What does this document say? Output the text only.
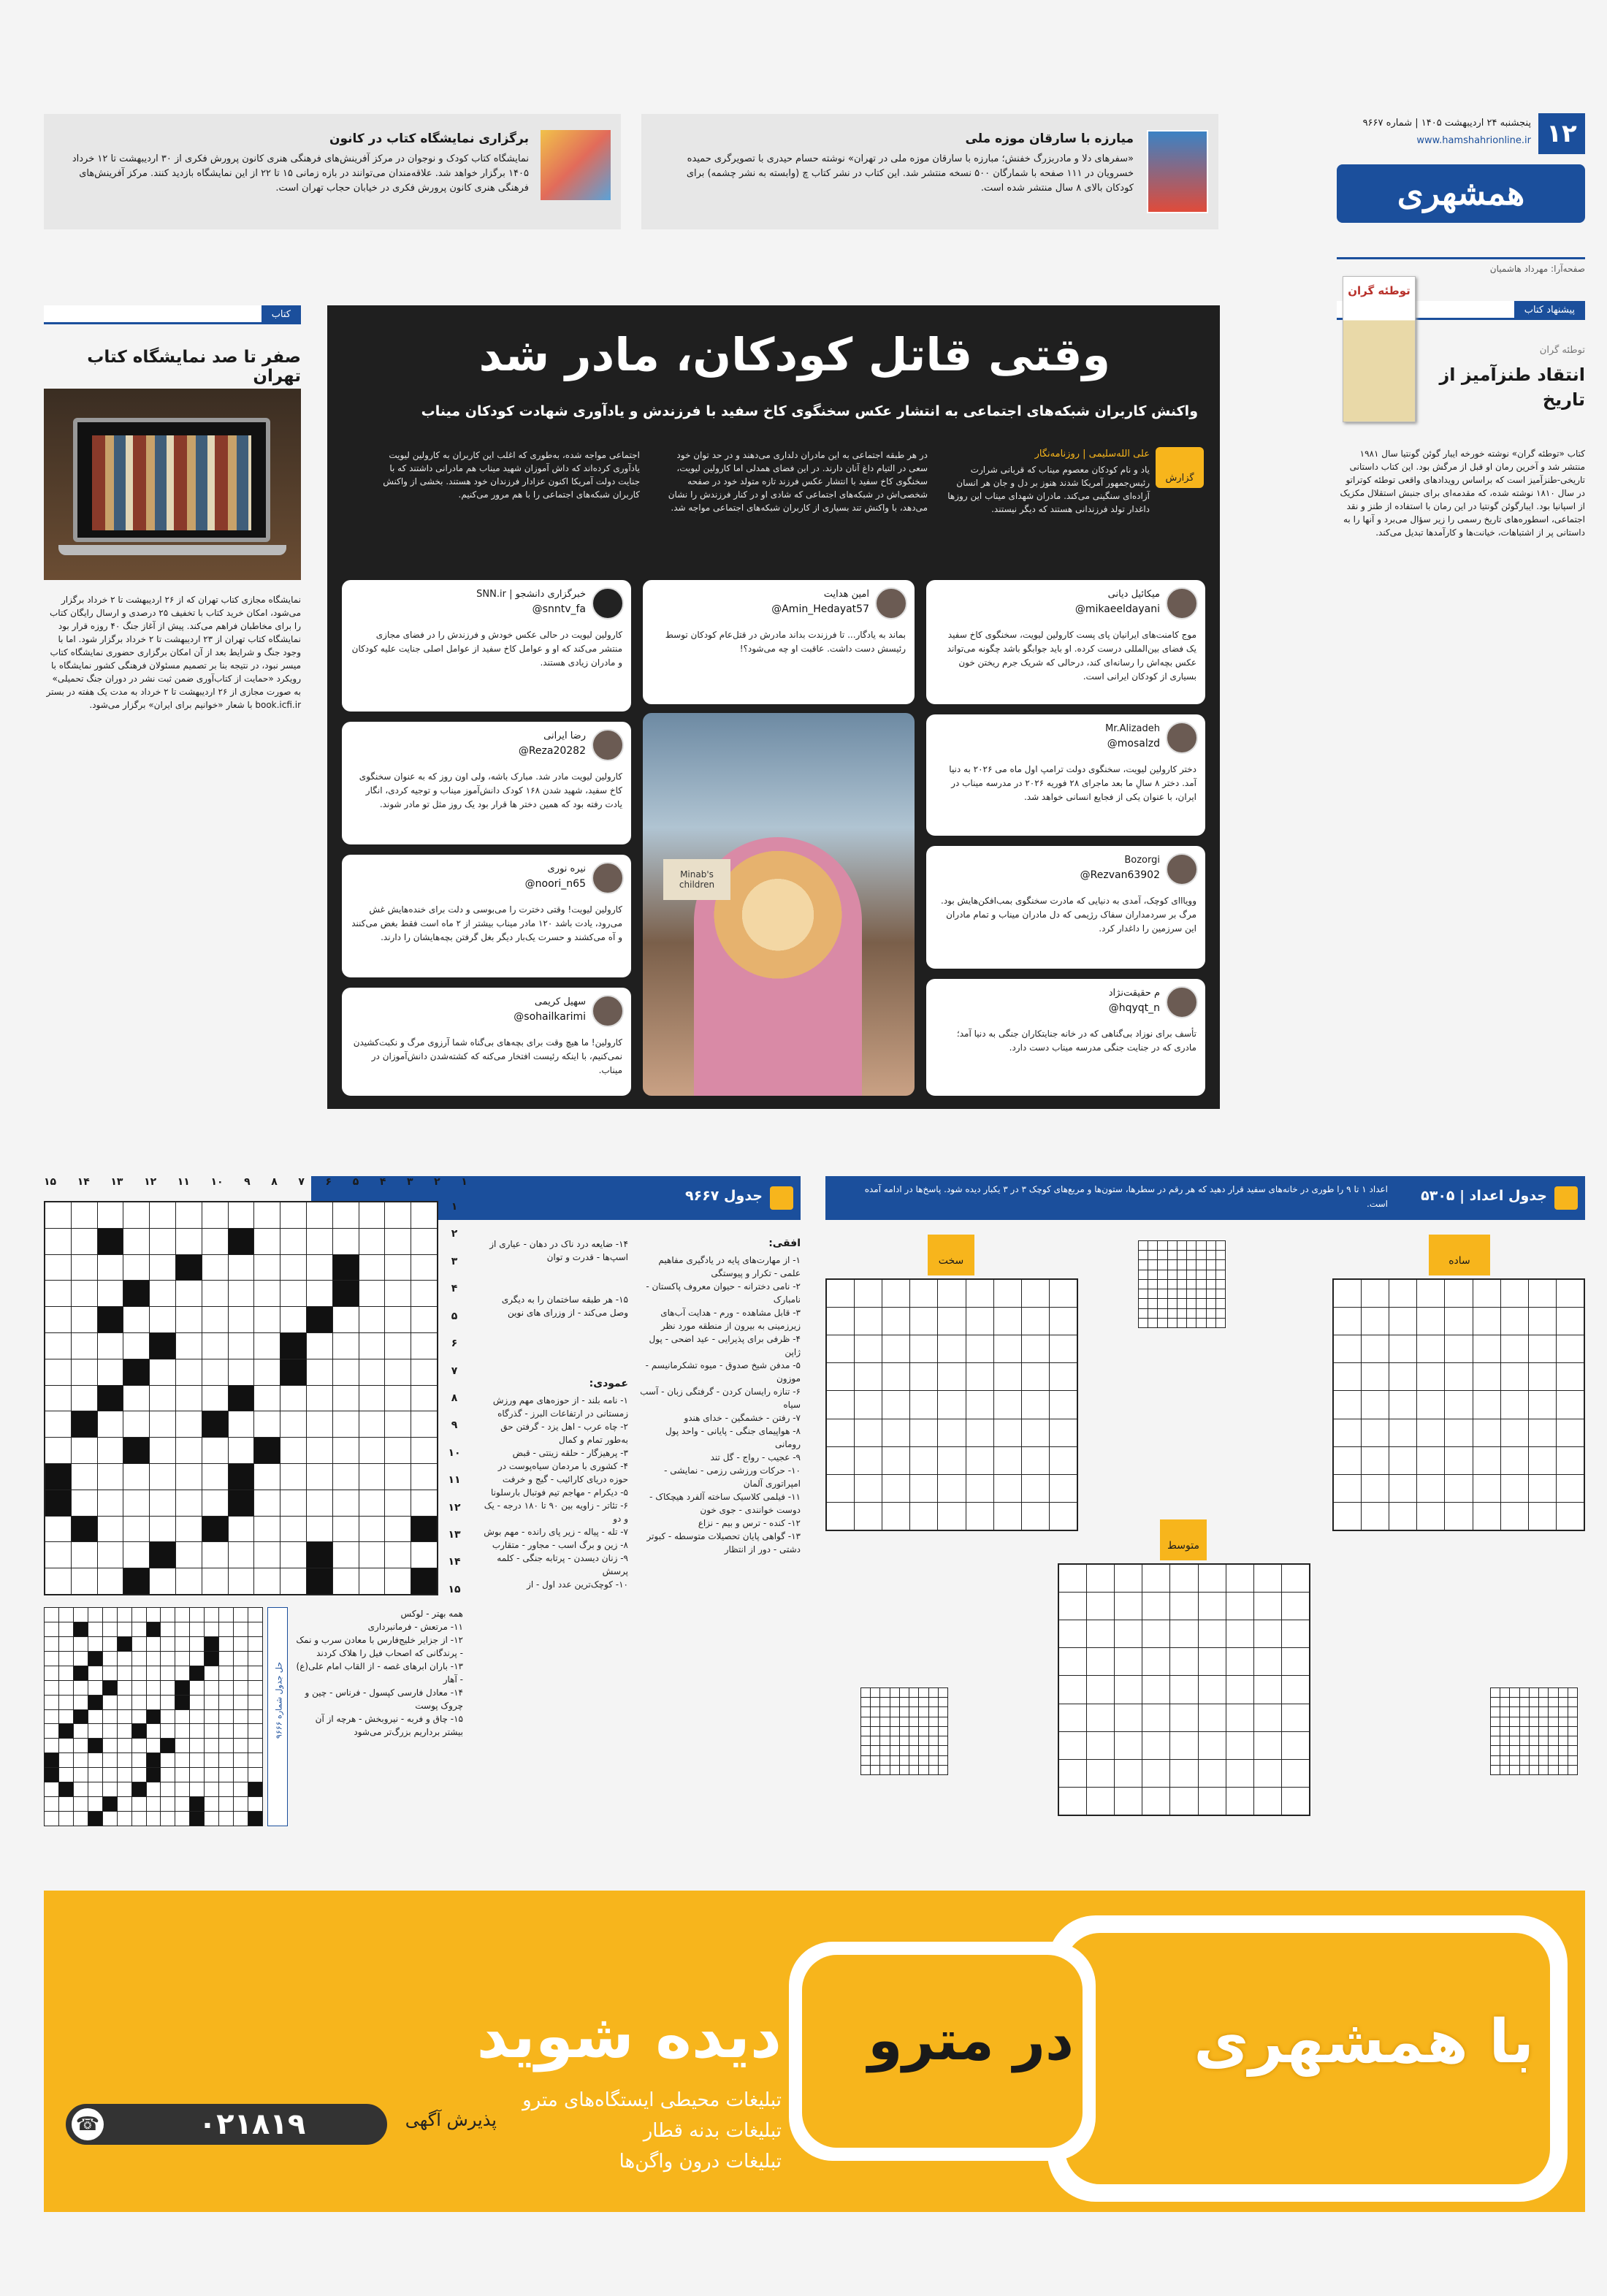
۱۲
پنجشنبه ۲۴ اردیبهشت ۱۴۰۵ | شماره ۹۶۶۷
www.hamshahrionline.ir
همشهری
صفحه‌آرا: مهرداد هاشمیان
میارزه با سارقان موزه ملی
«سفرهای دلا و مادربزرگ خفنش؛ مبارزه با سارقان موزه ملی در تهران» نوشته حسام حیدری با تصویرگری حمیده خسرویان در ۱۱۱ صفحه با شمارگان ۵۰۰ نسخه منتشر شد. این کتاب در نشر کتاب چ (وابسته به نشر چشمه) برای کودکان بالای ۸ سال منتشر شده است.
برگزاری نمایشگاه کتاب در کانون
نمایشگاه کتاب کودک و نوجوان در مرکز آفرینش‌های فرهنگی هنری کانون پرورش فکری از ۳۰ اردیبهشت تا ۱۲ خرداد ۱۴۰۵ برگزار خواهد شد. علاقه‌مندان می‌توانند در بازه زمانی ۱۵ تا ۲۲ از این نمایشگاه بازدید کنند. مرکز آفرینش‌های فرهنگی هنری کانون پرورش فکری در خیابان حجاب تهران است.
پیشنهاد کتاب
توطئه گران
توطئه گران
انتقاد طنزآمیز از تاریخ
کتاب «توطئه گران» نوشته خورخه ایبار گوئن گونتیا سال ۱۹۸۱ منتشر شد و آخرین رمان او قبل از مرگش بود. این کتاب داستانی تاریخی-طنزآمیز است که براساس رویدادهای واقعی توطئه کوتراتو در سال ۱۸۱۰ نوشته شده، که مقدمه‌ای برای جنبش استقلال مکزیک از اسپانیا بود. ایبارگوئن گونتیا در این رمان با استفاده از طنز و نقد اجتماعی، اسطوره‌های تاریخ رسمی را زیر سؤال می‌برد و آنها را به داستانی پر از اشتباهات، خیانت‌ها و کارآمدها تبدیل می‌کند.
وقتی قاتل کودکان، مادر شد
واکنش کاربران شبکه‌های اجتماعی به انتشار عکس سخنگوی کاخ سفید با فرزندش و یادآوری شهادت کودکان میناب
گزارش
علی الله‌سلیمی | روزنامه‌نگار
یاد و نام کودکان معصوم میناب که قربانی شرارت رئیس‌جمهور آمریکا شدند هنوز بر دل و جان هر انسان آزاده‌ای سنگینی می‌کند. مادران شهدای میناب این روزها داغدار تولد فرزندانی هستند که دیگر نیستند.
در هر طبقه اجتماعی به این مادران دلداری می‌دهند و در حد توان خود سعی در التیام داغ آنان دارند. در این فضای همدلی اما کارولین لیویت، سخنگوی کاخ سفید با انتشار عکس فرزند تازه متولد خود در صفحه شخصی‌اش در شبکه‌های اجتماعی که شادی او در کنار فرزندش را نشان می‌دهد، با واکنش تند بسیاری از کاربران شبکه‌های اجتماعی مواجه شد.
اجتماعی مواجه شده، به‌طوری که اغلب این کاربران به کارولین لیویت یادآوری کرده‌اند که داش آموزان شهید میناب هم مادرانی داشتند که با جنایت دولت آمریکا اکنون عزادار فرزندان خود هستند. بخشی از واکنش کاربران شبکه‌های اجتماعی را با هم مرور می‌کنیم.
میکائیل دیانی
@mikaeeldayani
موج کامنت‌های ایرانیان پای پست کارولین لیویت، سخنگوی کاخ سفید یک فضای بین‌المللی درست کرده. او باید جوابگو باشد چگونه می‌تواند عکس بچه‌اش را رسانه‌ای کند، درحالی که شریک جرم ریختن خون بسیاری از کودکان ایرانی است.
Mr.Alizadeh
@mosalzd
دختر کارولین لیویت، سخنگوی دولت ترامپ اول ماه می ۲۰۲۶ به دنیا آمد. دختر ۸ سالِ ما بعد ماجرای ۲۸ فوریه ۲۰۲۶ در مدرسه میناب در ایران، با عنوان یکی از فجایع انسانی خواهد شد.
Bozorgi
@Rezvan63902
وویااای کوچک، آمدی به دنیایی که مادرت سخنگوی بمب‌افکن‌هایش بود. مرگ بر سردمداران سفاک رژیمی که دل مادران میناب و تمام مادران این سرزمین را داغدار کرد.
م حقیقت‌نژاد
@hqyqt_n
تأسف برای نوزاد بی‌گناهی که در خانه جنایتکاران جنگی به دنیا آمد؛ مادری که در جنایت جنگی مدرسه میناب دست دارد.
امین هدایت
@Amin_Hedayat57
بماند به یادگار... تا فرزندت بداند مادرش در قتل‌عام کودکان توسط رئیسش دست داشت. عاقبت او چه می‌شود؟!
Minab's children
خبرگزاری دانشجو | SNN.ir
@snntv_fa
کارولین لیویت در حالی عکس خودش و فرزندش را در فضای مجازی منتشر می‌کند که او و عوامل کاخ سفید از عوامل اصلی جنایت علیه کودکان و مادران زیادی هستند.
رضا ایرانی
@Reza20282
کارولین لیویت مادر شد. مبارک باشه، ولی اون روز که به عنوان سخنگوی کاخ سفید، شهید شدن ۱۶۸ کودک دانش‌آموز میناب و توجیه کردی، انگار یادت رفته بود که همین دختر ها قرار بود یک روز مثل تو مادر شوند.
نیره نوری
@noori_n65
کارولین لیویت! وقتی دخترت را می‌بوسی و دلت برای خنده‌هایش غش می‌رود، یادت باشد ۱۲۰ مادر میناب بیشتر از ۲ ماه است فقط بغض می‌کنند و آه می‌کشند و حسرت یک‌بار دیگر بغل گرفتن بچه‌هایشان را دارند.
سهیل کریمی
@sohailkarimi
کارولین! ما هیچ وقت برای بچه‌های بی‌گناه شما آرزوی مرگ و نکبت‌کشیدن نمی‌کنیم، با اینکه رئیست افتخار می‌کنه که کشته‌شدن دانش‌آموزان در میناب.
کتاب
صفر تا صد نمایشگاه کتاب تهران
نمایشگاه مجازی کتاب تهران که از ۲۶ اردیبهشت تا ۲ خرداد برگزار می‌شود، امکان خرید کتاب با تخفیف ۲۵ درصدی و ارسال رایگان کتاب را برای مخاطبان فراهم می‌کند. پیش از آغاز جنگ ۴۰ روزه قرار بود نمایشگاه کتاب تهران از ۲۳ اردیبهشت تا ۲ خرداد برگزار شود. اما با وجود جنگ و شرایط بعد از آن امکان برگزاری حضوری نمایشگاه کتاب میسر نبود، در نتیجه بنا بر تصمیم مسئولان فرهنگی کشور نمایشگاه با رویکرد «حمایت از کتاب‌آوری ضمن ثبت نشر در دوران جنگ تحمیلی» به صورت مجازی از ۲۶ اردیبهشت تا ۲ خرداد به مدت یک هفته در بستر book.icfi.ir با شعار «خوانیم برای ایران» برگزار می‌شود.
جدول اعداد | ۵۳۰۵
اعداد ۱ تا ۹ را طوری در خانه‌های سفید قرار دهید که هر رقم در سطرها، ستون‌ها و مربع‌های کوچک ۳ در ۳ یکبار دیده شود. پاسخ‌ها در ادامه آمده است.
ساده
سخت
متوسط
جدول ۹۶۶۷
افقی:
۱- از مهارت‌های پایه در یادگیری مفاهیم علمی - تکرار و پیوستگی
۲- نامی دخترانه - حیوان معروف پاکستان - نامبارک
۳- قابل مشاهده - ورم - هدایت آب‌های زیرزمینی به بیرون از منطقه مورد نظر
۴- ظرفی برای پذیرایی - عید اضحی - پول ژاپن
۵- مدفن شیخ صدوق - میوه تشکرمانیسم - موزون
۶- تنازه رایسان کردن - گرفتگی زبان - آسب سیاه
۷- رفتن - خشمگین - خدای هندو
۸- هواپیمای جنگی - پایانی - واحد پول رومانی
۹- عجیب - رواج - گل تند
۱۰- حرکات ورزشی رزمی - نمایشی - امپراتوری آلمان
۱۱- فیلمی کلاسیک ساخته آلفرد هیچکاک - دوست خوانندی - جوی خون
۱۲- کنده - ترس و بیم - نزاع
۱۳- گواهی پایان تحصیلات متوسطه - کبوتر دشتی - دور از انتظار
۱۴- ضایعه درد ناک در دهان - عیاری از اسپ‌ها - قدرت و توان
۱۵- هر طبقه ساختمان را به دیگری وصل می‌کند - از وزرای های نوین
عمودی:
۱- نامه بلند - از حوزه‌های مهم ورزش زمستانی در ارتفاعات البرز - گذرگاه
۲- چاه عرب - اهل یزد - گرفتن حق به‌طور تمام و کمال
۳- پرهیزگار - حلقه زینتی - قبض
۴- کشوری با مردمان سیاه‌پوست در حوزه دریای کارائیب - گیج و خرفت
۵- دیکرام - مهاجم تیم فوتبال بارسلونا
۶- تئاتر - زاویه بین ۹۰ تا ۱۸۰ درجه - یک و دو
۷- تله - پیاله - زیر پای رانده - مهم بوش
۸- زین و برگ اسب - مجاور - متقارب
۹- زنان دیسدن - پرتابه جنگی - کلمه پرسش
۱۰- کوچک‌ترین عدد اول - از
۱
۲
۳
۴
۵
۶
۷
۸
۹
۱۰
۱۱
۱۲
۱۳
۱۴
۱۵
۱
۲
۳
۴
۵
۶
۷
۸
۹
۱۰
۱۱
۱۲
۱۳
۱۴
۱۵
حل جدول شماره ۹۶۶۶
همه بهتر - لوکس
۱۱- مرتعش - فرمانبرداری
۱۲- از جزایر خلیج‌فارس با معادن سرب و نمک - پرندگانی که اصحاب فیل را هلاک کردند
۱۳- باران ابرهای غصه - از القاب امام علی(ع) - آهار
۱۴- معادل فارسی کپسول - فرناس - چین و چروک پوست
۱۵- چاق و فربه - نیروبخش - هرچه از آن بیشتر برداریم بزرگ‌تر می‌شود
با همشهری
در مترو
دیده شوید
تبلیغات محیطی ایستگاه‌های مترو
تبلیغات بدنه قطار
تبلیغات درون واگن‌ها
پذیرش آگهی
☎	۰۲۱۸۱۹
